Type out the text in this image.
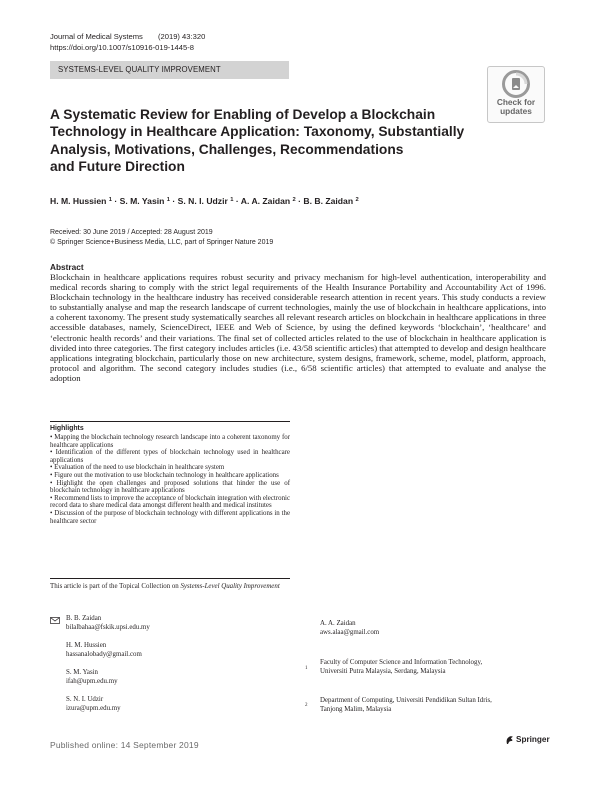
Journal of Medical Systems (2019) 43:320
https://doi.org/10.1007/s10916-019-1445-8
SYSTEMS-LEVEL QUALITY IMPROVEMENT
Check for
updates
A Systematic Review for Enabling of Develop a Blockchain
Technology in Healthcare Application: Taxonomy, Substantially
Analysis, Motivations, Challenges, Recommendations
and Future Direction
H. M. Hussien $^1$ · S. M. Yasin $^1$ · S. N. I. Udzir $^1$ · A. A. Zaidan $^2$ · B. B. Zaidan $^2$
Received: 30 June 2019 / Accepted: 28 August 2019
© Springer Science+Business Media, LLC, part of Springer Nature 2019
Abstract

Blockchain in healthcare applications requires robust security and privacy mechanism for high-level authentication, interoperability and medical records sharing to comply with the strict legal requirements of the Health Insurance Portability and Accountability Act of 1996. Blockchain technology in the healthcare industry has received considerable research attention in recent years. This study conducts a review to substantially analyse and map the research landscape of current technologies, mainly the use of blockchain in healthcare applications, into a coherent taxonomy. The present study systematically searches all relevant research articles on blockchain in healthcare applications in three accessible databases, namely, ScienceDirect, IEEE and Web of Science, by using the defined keywords ‘blockchain’, ‘healthcare’ and ‘electronic health records’ and their variations. The final set of collected articles related to the use of blockchain in healthcare application is divided into three categories. The first category includes articles (i.e. 43/58 scientific articles) that attempted to develop and design healthcare applications integrating blockchain, particularly those on new architecture, system designs, framework, scheme, model, platform, approach, protocol and algorithm. The second category includes studies (i.e., 6/58 scientific articles) that attempted to evaluate and analyse the adoption

Highlights
• Mapping the blockchain technology research landscape into a coherent taxonomy for healthcare applications
• Identification of the different types of blockchain technology used in healthcare applications
• Evaluation of the need to use blockchain in healthcare system
• Figure out the motivation to use blockchain technology in healthcare applications
• Highlight the open challenges and proposed solutions that hinder the use of blockchain technology in healthcare applications
• Recommend lists to improve the acceptance of blockchain integration with electronic record data to share medical data amongst different health and medical institutes
• Discussion of the purpose of blockchain technology with different applications in the healthcare sector
This article is part of the Topical Collection on Systems-Level Quality Improvement
B. B. Zaidan
bilalbahaa@fskik.upsi.edu.my
H. M. Hussien
hassanalobady@gmail.com
S. M. Yasin
ifah@upm.edu.my
S. N. I. Udzir
izura@upm.edu.my
A. A. Zaidan
aws.alaa@gmail.com
1
Faculty of Computer Science and Information Technology,
Universiti Putra Malaysia, Serdang, Malaysia
2
Department of Computing, Universiti Pendidikan Sultan Idris,
Tanjong Malim, Malaysia
Published online: 14 September 2019
Springer
